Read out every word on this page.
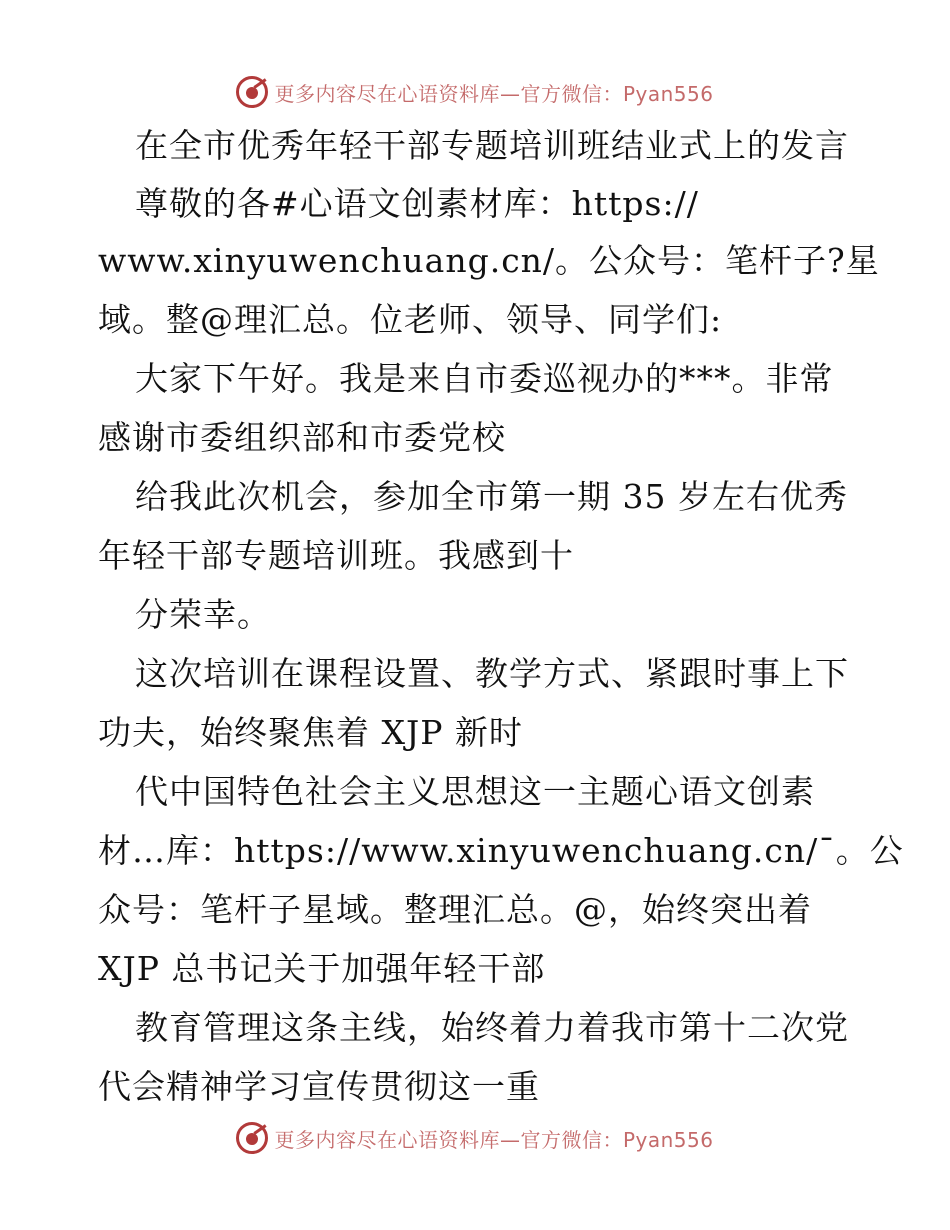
更多内容尽在心语资料库—官方微信：Pyan556
在全市优秀年轻干部专题培训班结业式上的发言
尊敬的各#心语文创素材库：https://
www.xinyuwenchuang.cn/。公众号：笔杆子?星
域。整@理汇总。位老师、领导、同学们:
大家下午好。我是来自市委巡视办的***。非常
感谢市委组织部和市委党校
给我此次机会，参加全市第一期 35 岁左右优秀
年轻干部专题培训班。我感到十
分荣幸。
这次培训在课程设置、教学方式、紧跟时事上下
功夫，始终聚焦着 XJP 新时
代中国特色社会主义思想这一主题心语文创素
材…库：https://www.xinyuwenchuang.cn/ˉ。公
众号：笔杆子星域。整理汇总。@，始终突出着
XJP 总书记关于加强年轻干部
教育管理这条主线，始终着力着我市第十二次党
代会精神学习宣传贯彻这一重
更多内容尽在心语资料库—官方微信：Pyan556
